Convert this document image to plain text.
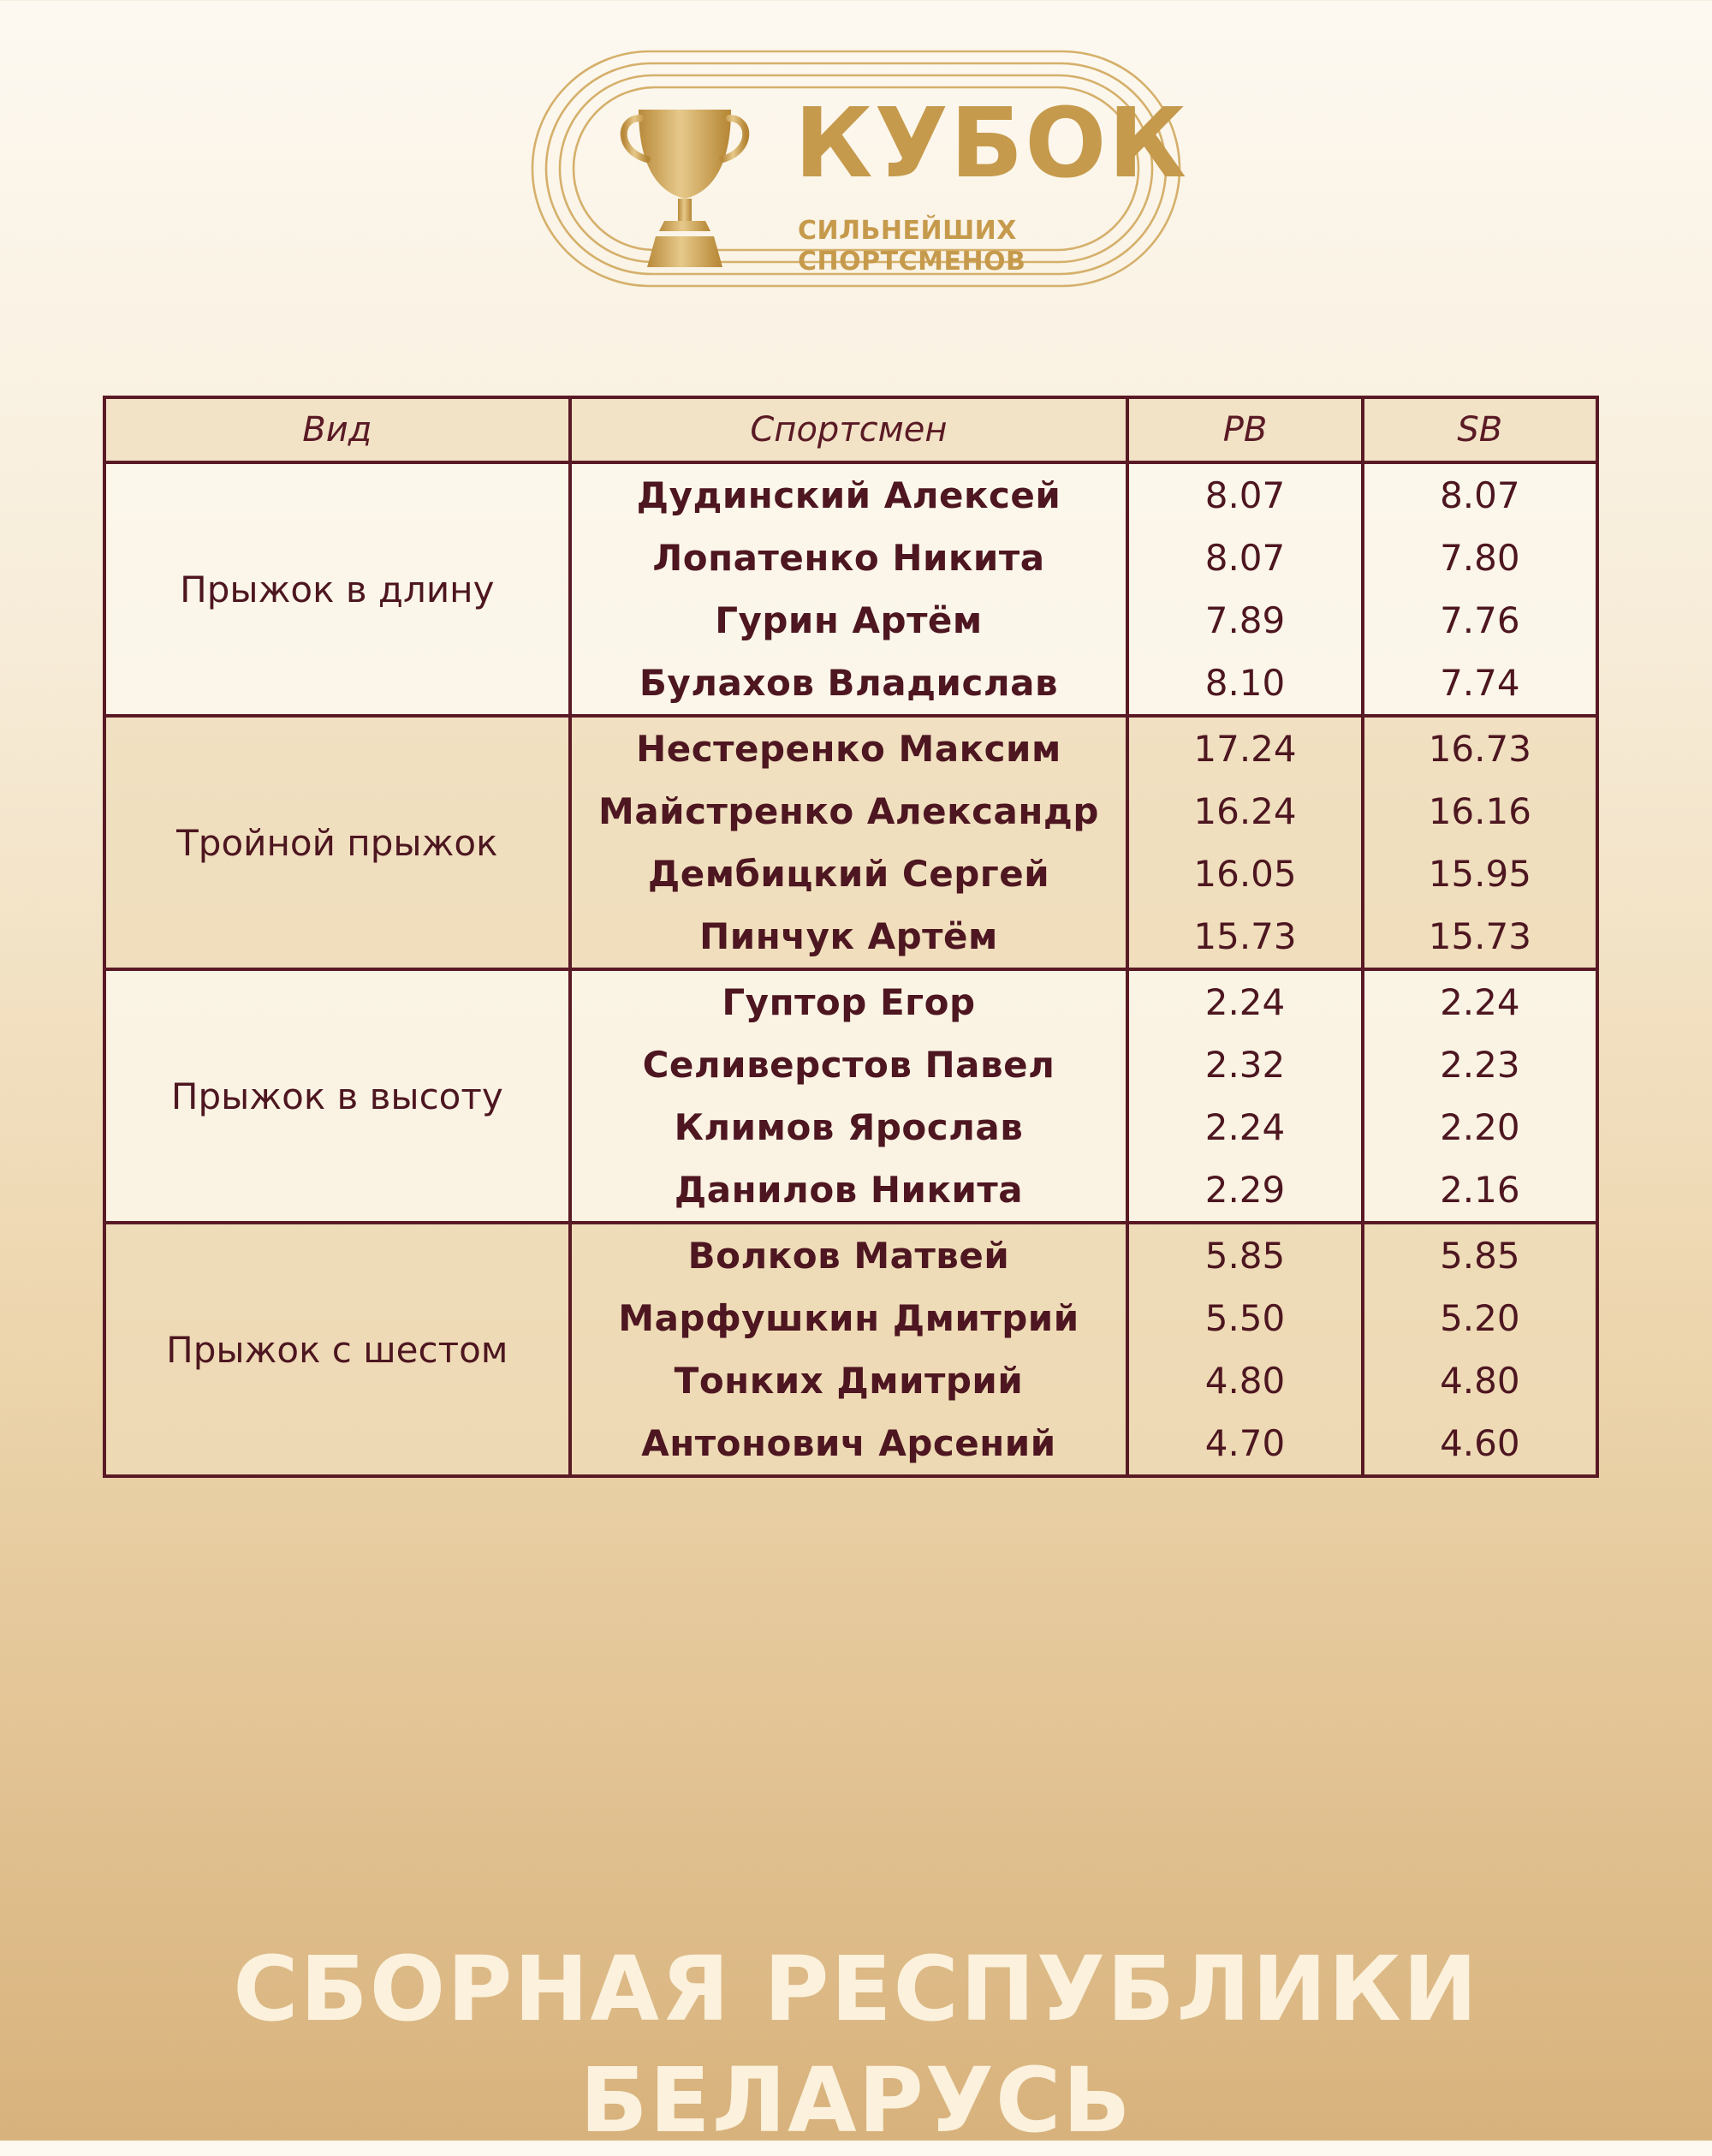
КУБОК

СИЛЬНЕЙШИХ
СПОРТСМЕНОВ

Вид	Спортсмен	PB	SB
Прыжок в длину	Дудинский Алексей	8.07	8.07
	Лопатенко Никита	8.07	7.80
	Гурин Артём	7.89	7.76
	Булахов Владислав	8.10	7.74
Тройной прыжок	Нестеренко Максим	17.24	16.73
	Майстренко Александр	16.24	16.16
	Дембицкий Сергей	16.05	15.95
	Пинчук Артём	15.73	15.73
Прыжок в высоту	Гуптор Егор	2.24	2.24
	Селиверстов Павел	2.32	2.23
	Климов Ярослав	2.24	2.20
	Данилов Никита	2.29	2.16
Прыжок с шестом	Волков Матвей	5.85	5.85
	Марфушкин Дмитрий	5.50	5.20
	Тонких Дмитрий	4.80	4.80
	Антонович Арсений	4.70	4.60

СБОРНАЯ РЕСПУБЛИКИ БЕЛАРУСЬ
